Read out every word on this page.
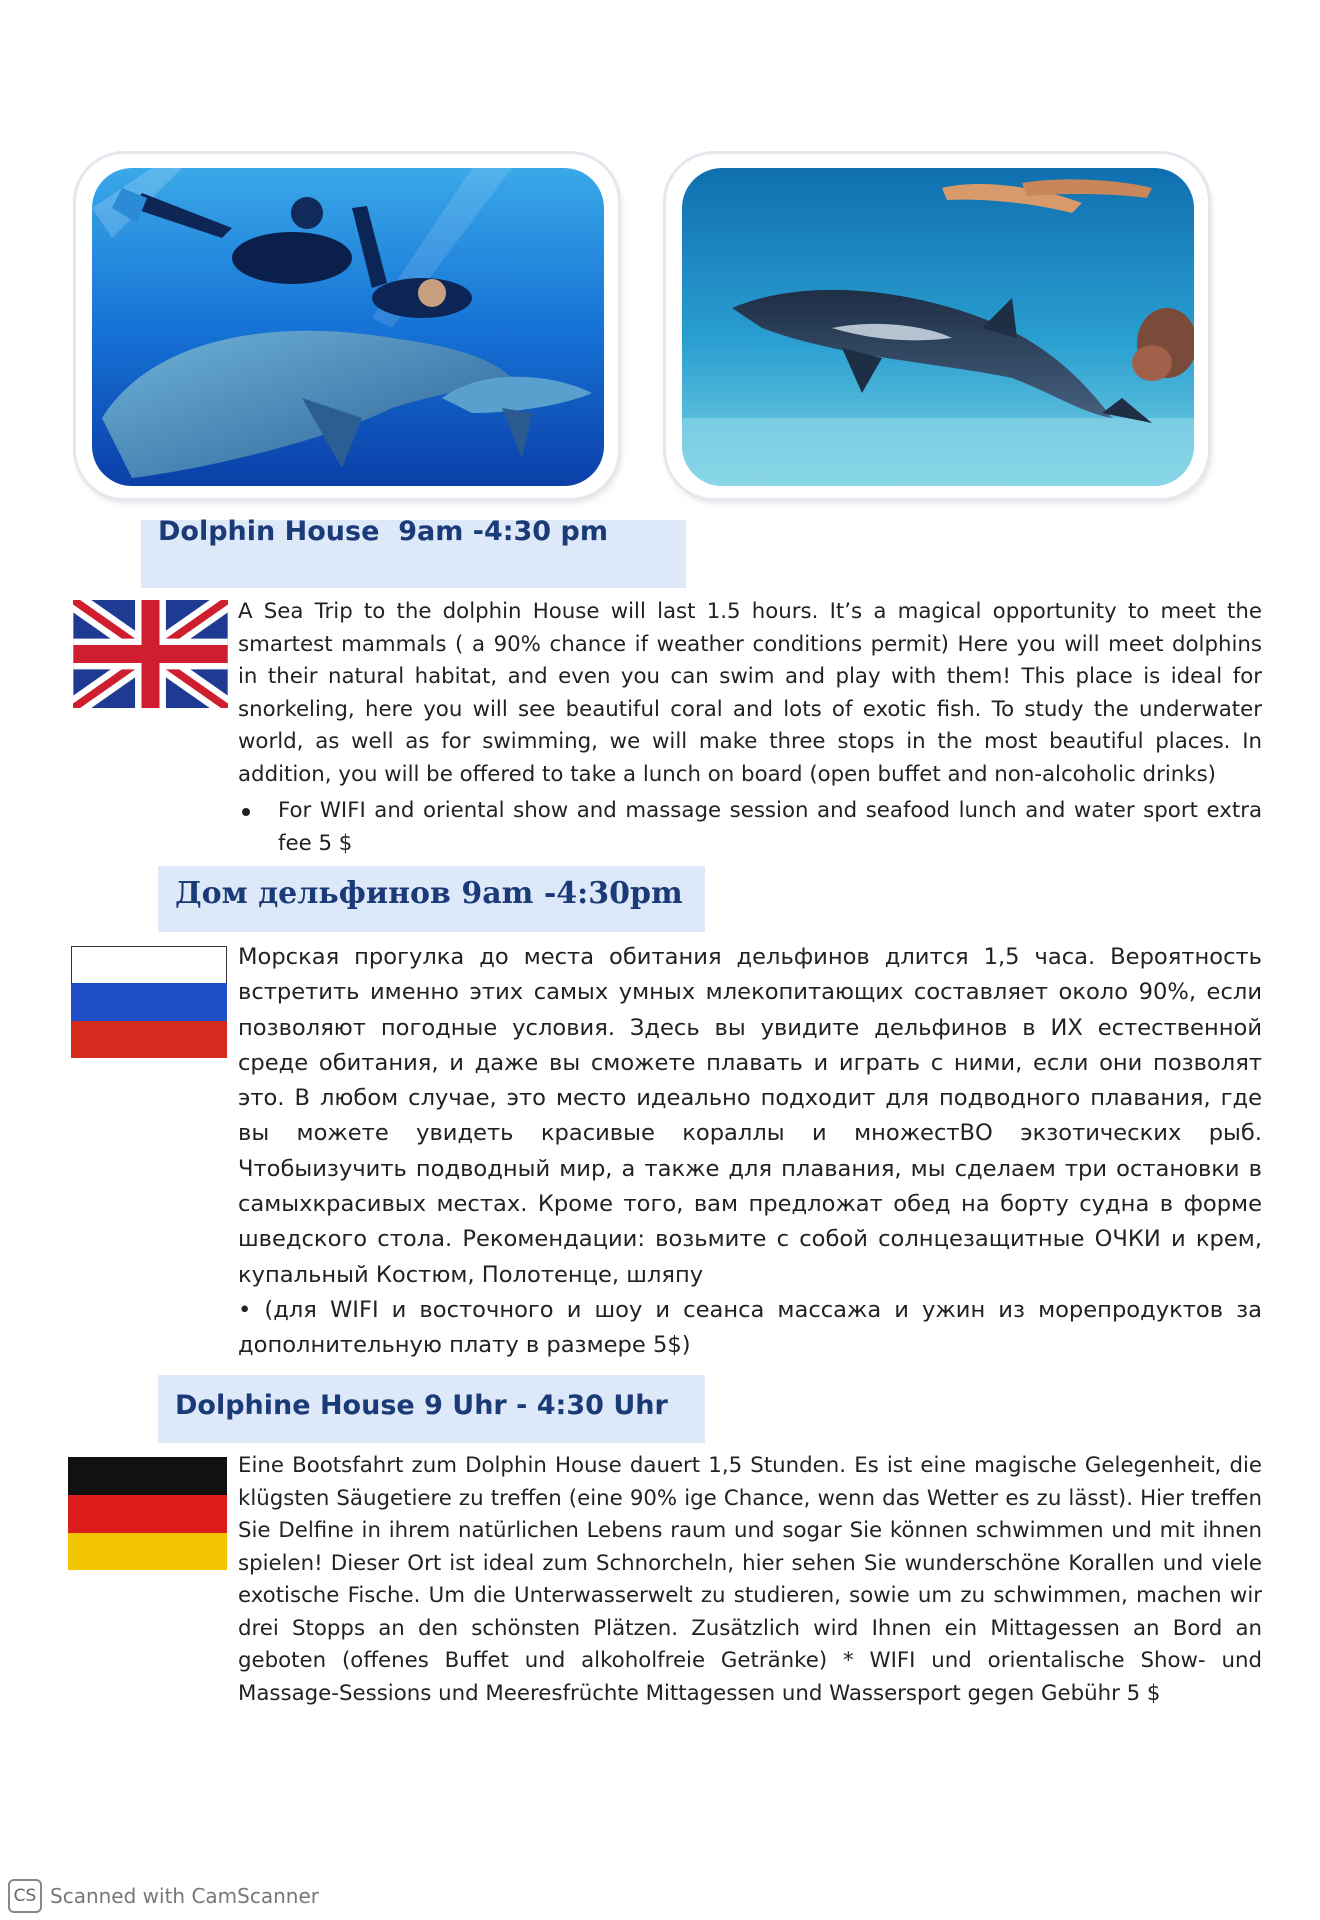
Dolphin House  9am -4:30 pm
A Sea Trip to the dolphin House will last 1.5 hours. It’s a magical opportunity to meet the smartest mammals ( a 90% chance if weather conditions permit) Here you will meet dolphins in their natural habitat, and even you can swim and play with them! This place is ideal for snorkeling, here you will see beautiful coral and lots of exotic fish. To study the underwater world, as well as for swimming, we will make three stops in the most beautiful places. In addition, you will be offered to take a lunch on board (open buffet and non-alcoholic drinks)
For WIFI and oriental show and massage session and seafood lunch and water sport extra fee 5 $
Дом дельфинов 9am -4:30pm
Морская прогулка до места обитания дельфинов длится 1,5 часа. Вероятность встретить именно этих самых умных млекопитающих составляет около 90%, если позволяют погодные условия. Здесь вы увидите дельфинов в ИХ естественной среде обитания, и даже вы сможете плавать и играть с ними, если они позволят это. В любом случае, это место идеально подходит для подводного плавания, где вы можете увидеть красивые кораллы и множестВО экзотических рыб. Чтобыизучить подводный мир, а также для плавания, мы сделаем три остановки в самыхкрасивых местах. Кроме того, вам предложат обед на борту судна в форме шведского стола. Рекомендации: возьмите с собой солнцезащитные ОЧКИ и крем, купальный Костюм, Полотенце, шляпу
• (для WIFI и восточного и шоу и сеанса массажа и ужин из морепродуктов за дополнительную плату в размере 5$)
Dolphine House 9 Uhr - 4:30 Uhr
Eine Bootsfahrt zum Dolphin House dauert 1,5 Stunden. Es ist eine magische Gelegenheit, die klügsten Säugetiere zu treffen (eine 90% ige Chance, wenn das Wetter es zu lässt). Hier treffen Sie Delfine in ihrem natürlichen Lebens raum und sogar Sie können schwimmen und mit ihnen spielen! Dieser Ort ist ideal zum Schnorcheln, hier sehen Sie wunderschöne Korallen und viele exotische Fische. Um die Unterwasserwelt zu studieren, sowie um zu schwimmen, machen wir drei Stopps an den schönsten Plätzen. Zusätzlich wird Ihnen ein Mittagessen an Bord an geboten (offenes Buffet und alkoholfreie Getränke) * WIFI und orientalische Show- und Massage-Sessions und Meeresfrüchte Mittagessen und Wassersport gegen Gebühr 5 $
CS Scanned with CamScanner
